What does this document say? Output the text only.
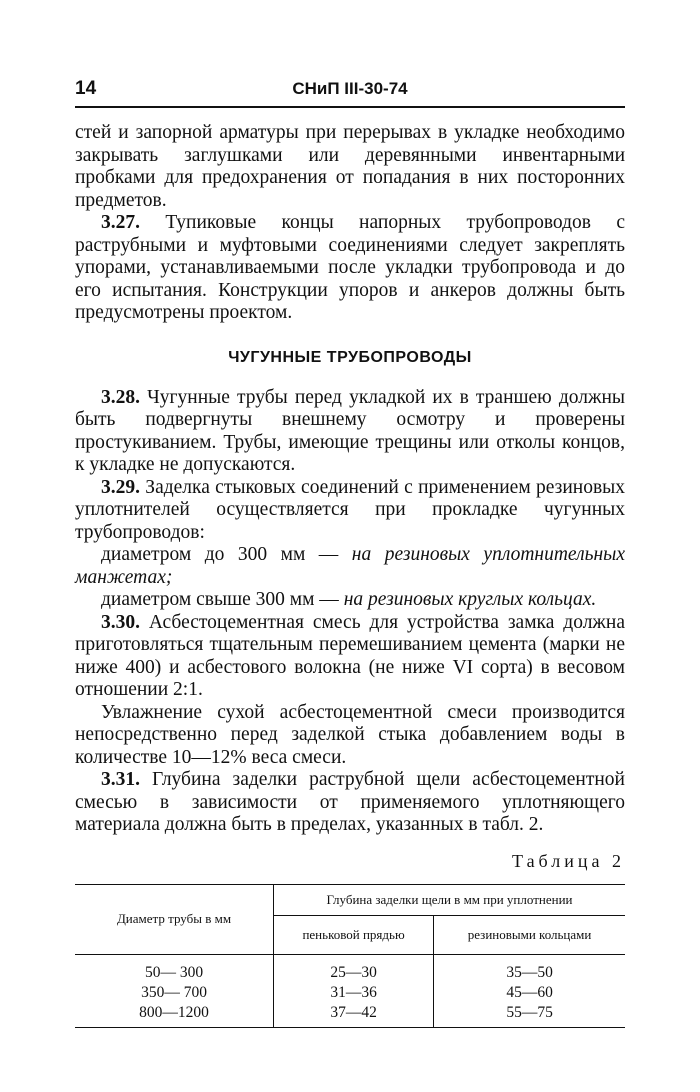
14	СНиП III-30-74

стей и запорной арматуры при перерывах в укладке необходимо закрывать заглушками или деревянными инвентарными пробками для предохранения от попадания в них посторонних предметов.

3.27. Тупиковые концы напорных трубопроводов с раструбными и муфтовыми соединениями следует закреплять упорами, устанавливаемыми после укладки трубопровода и до его испытания. Конструкции упоров и анкеров должны быть предусмотрены проектом.

ЧУГУННЫЕ ТРУБОПРОВОДЫ

3.28. Чугунные трубы перед укладкой их в траншею должны быть подвергнуты внешнему осмотру и проверены простукиванием. Трубы, имеющие трещины или отколы концов, к укладке не допускаются.

3.29. Заделка стыковых соединений с применением резиновых уплотнителей осуществляется при прокладке чугунных трубопроводов:

диаметром до 300 мм — на резиновых уплотнительных манжетах;

диаметром свыше 300 мм — на резиновых круглых кольцах.

3.30. Асбестоцементная смесь для устройства замка должна приготовляться тщательным перемешиванием цемента (марки не ниже 400) и асбестового волокна (не ниже VI сорта) в весовом отношении 2:1.

Увлажнение сухой асбестоцементной смеси производится непосредственно перед заделкой стыка добавлением воды в количестве 10—12% веса смеси.

3.31. Глубина заделки раструбной щели асбестоцементной смесью в зависимости от применяемого уплотняющего материала должна быть в пределах, указанных в табл. 2.

Таблица 2
Диаметр трубы в мм	Глубина заделки щели в мм при уплотнении	
	пеньковой прядью	резиновыми кольцами
50— 300	25—30	35—50
350— 700	31—36	45—60
800—1200	37—42	55—75
